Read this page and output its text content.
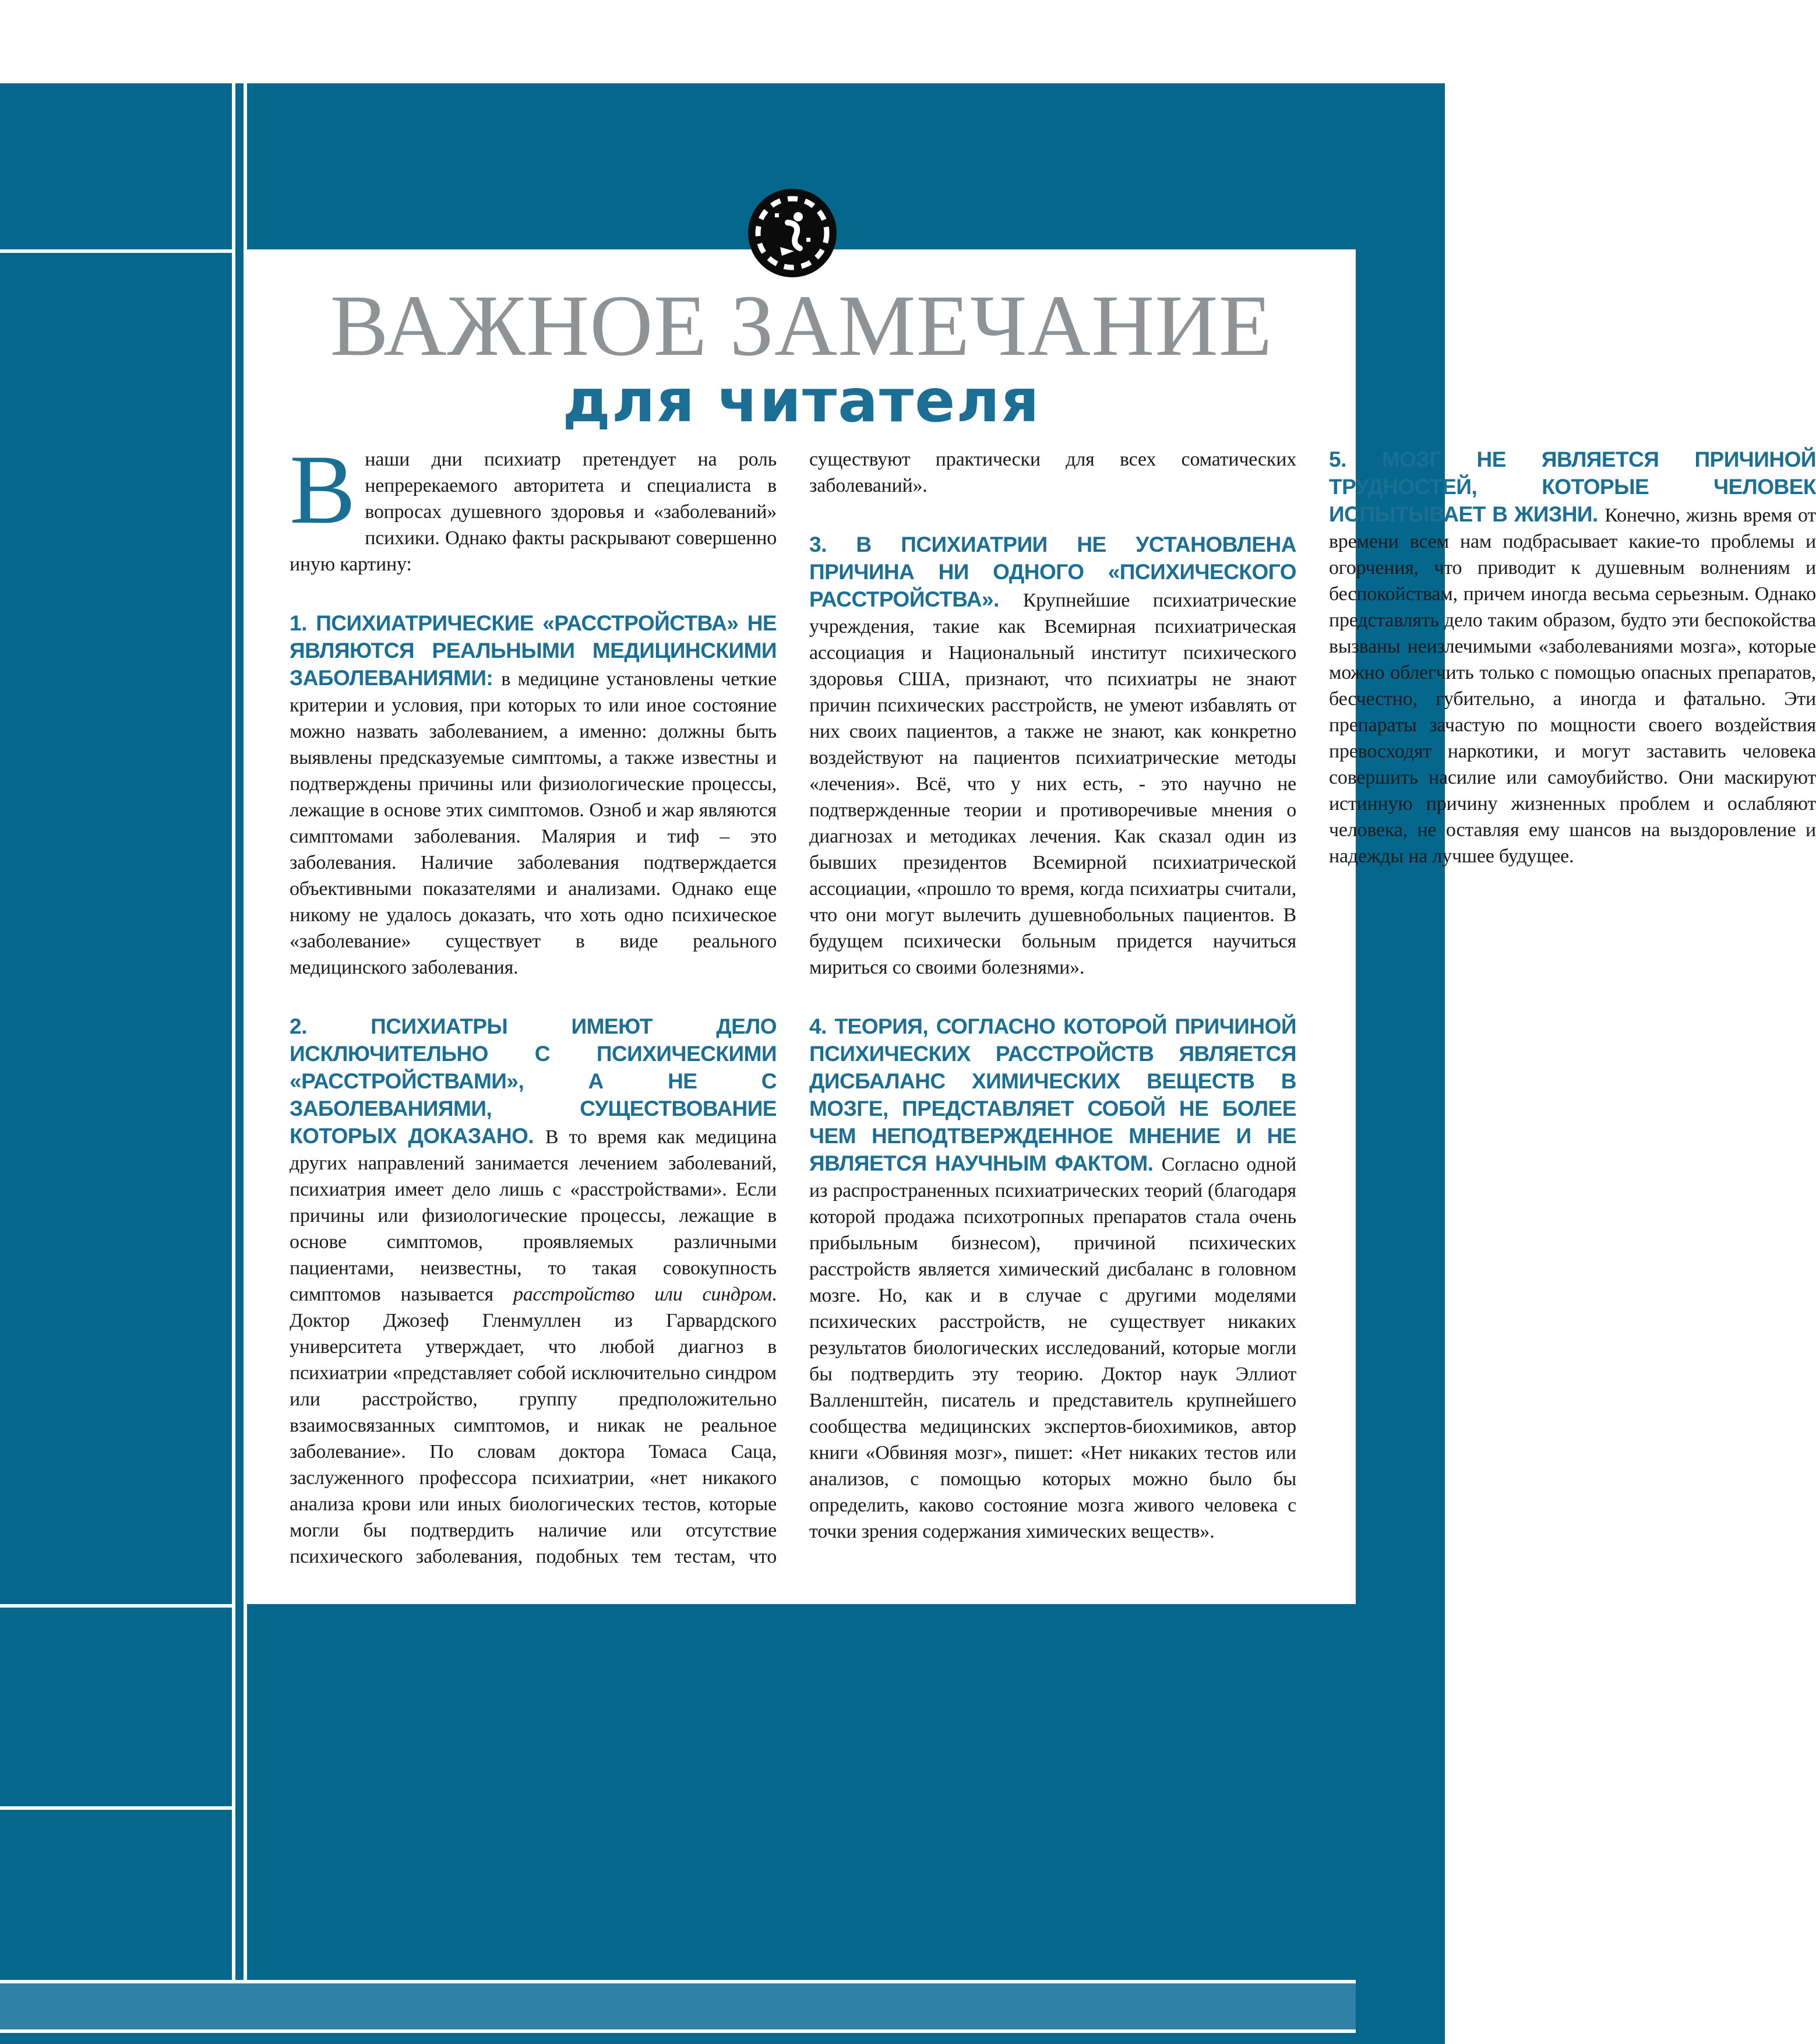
ВАЖНОЕ ЗАМЕЧАНИЕ
для читателя

Внаши дни психиатр претендует на роль непререкаемого авторитета и специалиста в вопросах душевного здоровья и «заболеваний» психики. Однако факты раскрывают совершенно иную картину:

1. ПСИХИАТРИЧЕСКИЕ «РАССТРОЙСТВА» НЕ ЯВЛЯЮТСЯ РЕАЛЬНЫМИ МЕДИЦИНСКИМИ ЗАБОЛЕВАНИЯМИ: в медицине установлены четкие критерии и условия, при которых то или иное состояние можно назвать заболеванием, а именно: должны быть выявлены предсказуемые симптомы, а также известны и подтверждены причины или физиологические процессы, лежащие в основе этих симптомов. Озноб и жар являются симптомами заболевания. Малярия и тиф – это заболевания. Наличие заболевания подтверждается объективными показателями и анализами. Однако еще никому не удалось доказать, что хоть одно психическое «заболевание» существует в виде реального медицинского заболевания.

2. ПСИХИАТРЫ ИМЕЮТ ДЕЛО ИСКЛЮЧИТЕЛЬНО С ПСИХИЧЕСКИМИ «РАССТРОЙСТВАМИ», А НЕ С ЗАБОЛЕВАНИЯМИ, СУЩЕСТВОВАНИЕ КОТОРЫХ ДОКАЗАНО. В то время как медицина других направлений занимается лечением заболеваний, психиатрия имеет дело лишь с «расстройствами». Если причины или физиологические процессы, лежащие в основе симптомов, проявляемых различными пациентами, неизвестны, то такая совокупность симптомов называется расстройство или синдром. Доктор Джозеф Гленмуллен из Гарвардского университета утверждает, что любой диагноз в психиатрии «представляет собой исключительно синдром или расстройство, группу предположительно взаимосвязанных симптомов, и никак не реальное заболевание». По словам доктора Томаса Саца, заслуженного профессора психиатрии, «нет никакого анализа крови или иных биологических тестов, которые могли бы подтвердить наличие или отсутствие психического заболевания, подобных тем тестам, что существуют практически для всех соматических заболеваний».

3. В ПСИХИАТРИИ НЕ УСТАНОВЛЕНА ПРИЧИНА НИ ОДНОГО «ПСИХИЧЕСКОГО РАССТРОЙСТВА». Крупнейшие психиатрические учреждения, такие как Всемирная психиатрическая ассоциация и Национальный институт психического здоровья США, признают, что психиатры не знают причин психических расстройств, не умеют избавлять от них своих пациентов, а также не знают, как конкретно воздействуют на пациентов психиатрические методы «лечения». Всё, что у них есть, - это научно не подтвержденные теории и противоречивые мнения о диагнозах и методиках лечения. Как сказал один из бывших президентов Всемирной психиатрической ассоциации, «прошло то время, когда психиатры считали, что они могут вылечить душевнобольных пациентов. В будущем психически больным придется научиться мириться со своими болезнями».

4. ТЕОРИЯ, СОГЛАСНО КОТОРОЙ ПРИЧИНОЙ ПСИХИЧЕСКИХ РАССТРОЙСТВ ЯВЛЯЕТСЯ ДИСБАЛАНС ХИМИЧЕСКИХ ВЕЩЕСТВ В МОЗГЕ, ПРЕДСТАВЛЯЕТ СОБОЙ НЕ БОЛЕЕ ЧЕМ НЕПОДТВЕРЖДЕННОЕ МНЕНИЕ И НЕ ЯВЛЯЕТСЯ НАУЧНЫМ ФАКТОМ. Согласно одной из распространенных психиатрических теорий (благодаря которой продажа психотропных препаратов стала очень прибыльным бизнесом), причиной психических расстройств является химический дисбаланс в головном мозге. Но, как и в случае с другими моделями психических расстройств, не существует никаких результатов биологических исследований, которые могли бы подтвердить эту теорию. Доктор наук Эллиот Валленштейн, писатель и представитель крупнейшего сообщества медицинских экспертов-биохимиков, автор книги «Обвиняя мозг», пишет: «Нет никаких тестов или анализов, с помощью которых можно было бы определить, каково состояние мозга живого человека с точки зрения содержания химических веществ».

5. МОЗГ НЕ ЯВЛЯЕТСЯ ПРИЧИНОЙ ТРУДНОСТЕЙ, КОТОРЫЕ ЧЕЛОВЕК ИСПЫТЫВАЕТ В ЖИЗНИ. Конечно, жизнь время от времени всем нам подбрасывает какие-то проблемы и огорчения, что приводит к душевным волнениям и беспокойствам, причем иногда весьма серьезным. Однако представлять дело таким образом, будто эти беспокойства вызваны неизлечимыми «заболеваниями мозга», которые можно облегчить только с помощью опасных препаратов, бесчестно, губительно, а иногда и фатально. Эти препараты зачастую по мощности своего воздействия превосходят наркотики, и могут заставить человека совершить насилие или самоубийство. Они маскируют истинную причину жизненных проблем и ослабляют человека, не оставляя ему шансов на выздоровление и надежды на лучшее будущее.
